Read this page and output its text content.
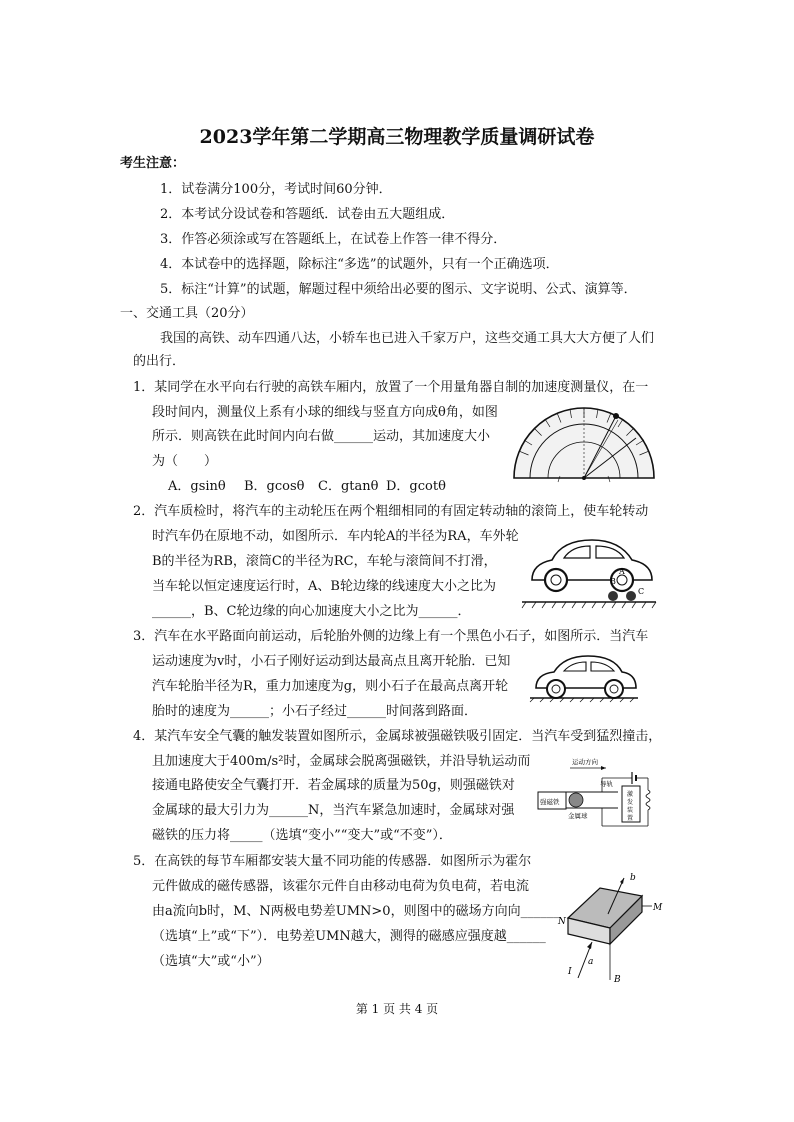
2023学年第二学期高三物理教学质量调研试卷
考生注意：
1．试卷满分100分，考试时间60分钟．
2．本考试分设试卷和答题纸．试卷由五大题组成．
3．作答必须涂或写在答题纸上，在试卷上作答一律不得分．
4．本试卷中的选择题，除标注“多选”的试题外，只有一个正确选项．
5．标注“计算”的试题，解题过程中须给出必要的图示、文字说明、公式、演算等．
一、交通工具（20分）
我国的高铁、动车四通八达，小轿车也已进入千家万户，这些交通工具大大方便了人们
的出行．
1．某同学在水平向右行驶的高铁车厢内，放置了一个用量角器自制的加速度测量仪，在一
段时间内，测量仪上系有小球的细线与竖直方向成θ角，如图
所示．则高铁在此时间内向右做______运动，其加速度大小
为（　　）
A．gsinθ B．gcosθ C．gtanθ D．gcotθ
2．汽车质检时，将汽车的主动轮压在两个粗细相同的有固定转动轴的滚筒上，使车轮转动
时汽车仍在原地不动，如图所示．车内轮A的半径为RA，车外轮
B的半径为RB，滚筒C的半径为RC，车轮与滚筒间不打滑，
当车轮以恒定速度运行时，A、B轮边缘的线速度大小之比为
______，B、C轮边缘的向心加速度大小之比为______．
A
B
C
3．汽车在水平路面向前运动，后轮胎外侧的边缘上有一个黑色小石子，如图所示．当汽车
运动速度为v时，小石子刚好运动到达最高点且离开轮胎．已知
汽车轮胎半径为R，重力加速度为g，则小石子在最高点离开轮
胎时的速度为______；小石子经过______时间落到路面．
4．某汽车安全气囊的触发装置如图所示，金属球被强磁铁吸引固定．当汽车受到猛烈撞击，
且加速度大于400m/s²时，金属球会脱离强磁铁，并沿导轨运动而
接通电路使安全气囊打开．若金属球的质量为50g，则强磁铁对
金属球的最大引力为______N，当汽车紧急加速时，金属球对强
磁铁的压力将_____（选填“变小”“变大”或“不变”）．
运动方向
强磁铁
金属球
导轨
激
发
装
置
5．在高铁的每节车厢都安装大量不同功能的传感器．如图所示为霍尔
元件做成的磁传感器，该霍尔元件自由移动电荷为负电荷，若电流
由a流向b时，M、N两极电势差UMN>0，则图中的磁场方向向______
（选填“上”或“下”）．电势差UMN越大，测得的磁感应强度越______
（选填“大”或“小”）
b
N
M
I
a
B
第 1 页 共 4 页
